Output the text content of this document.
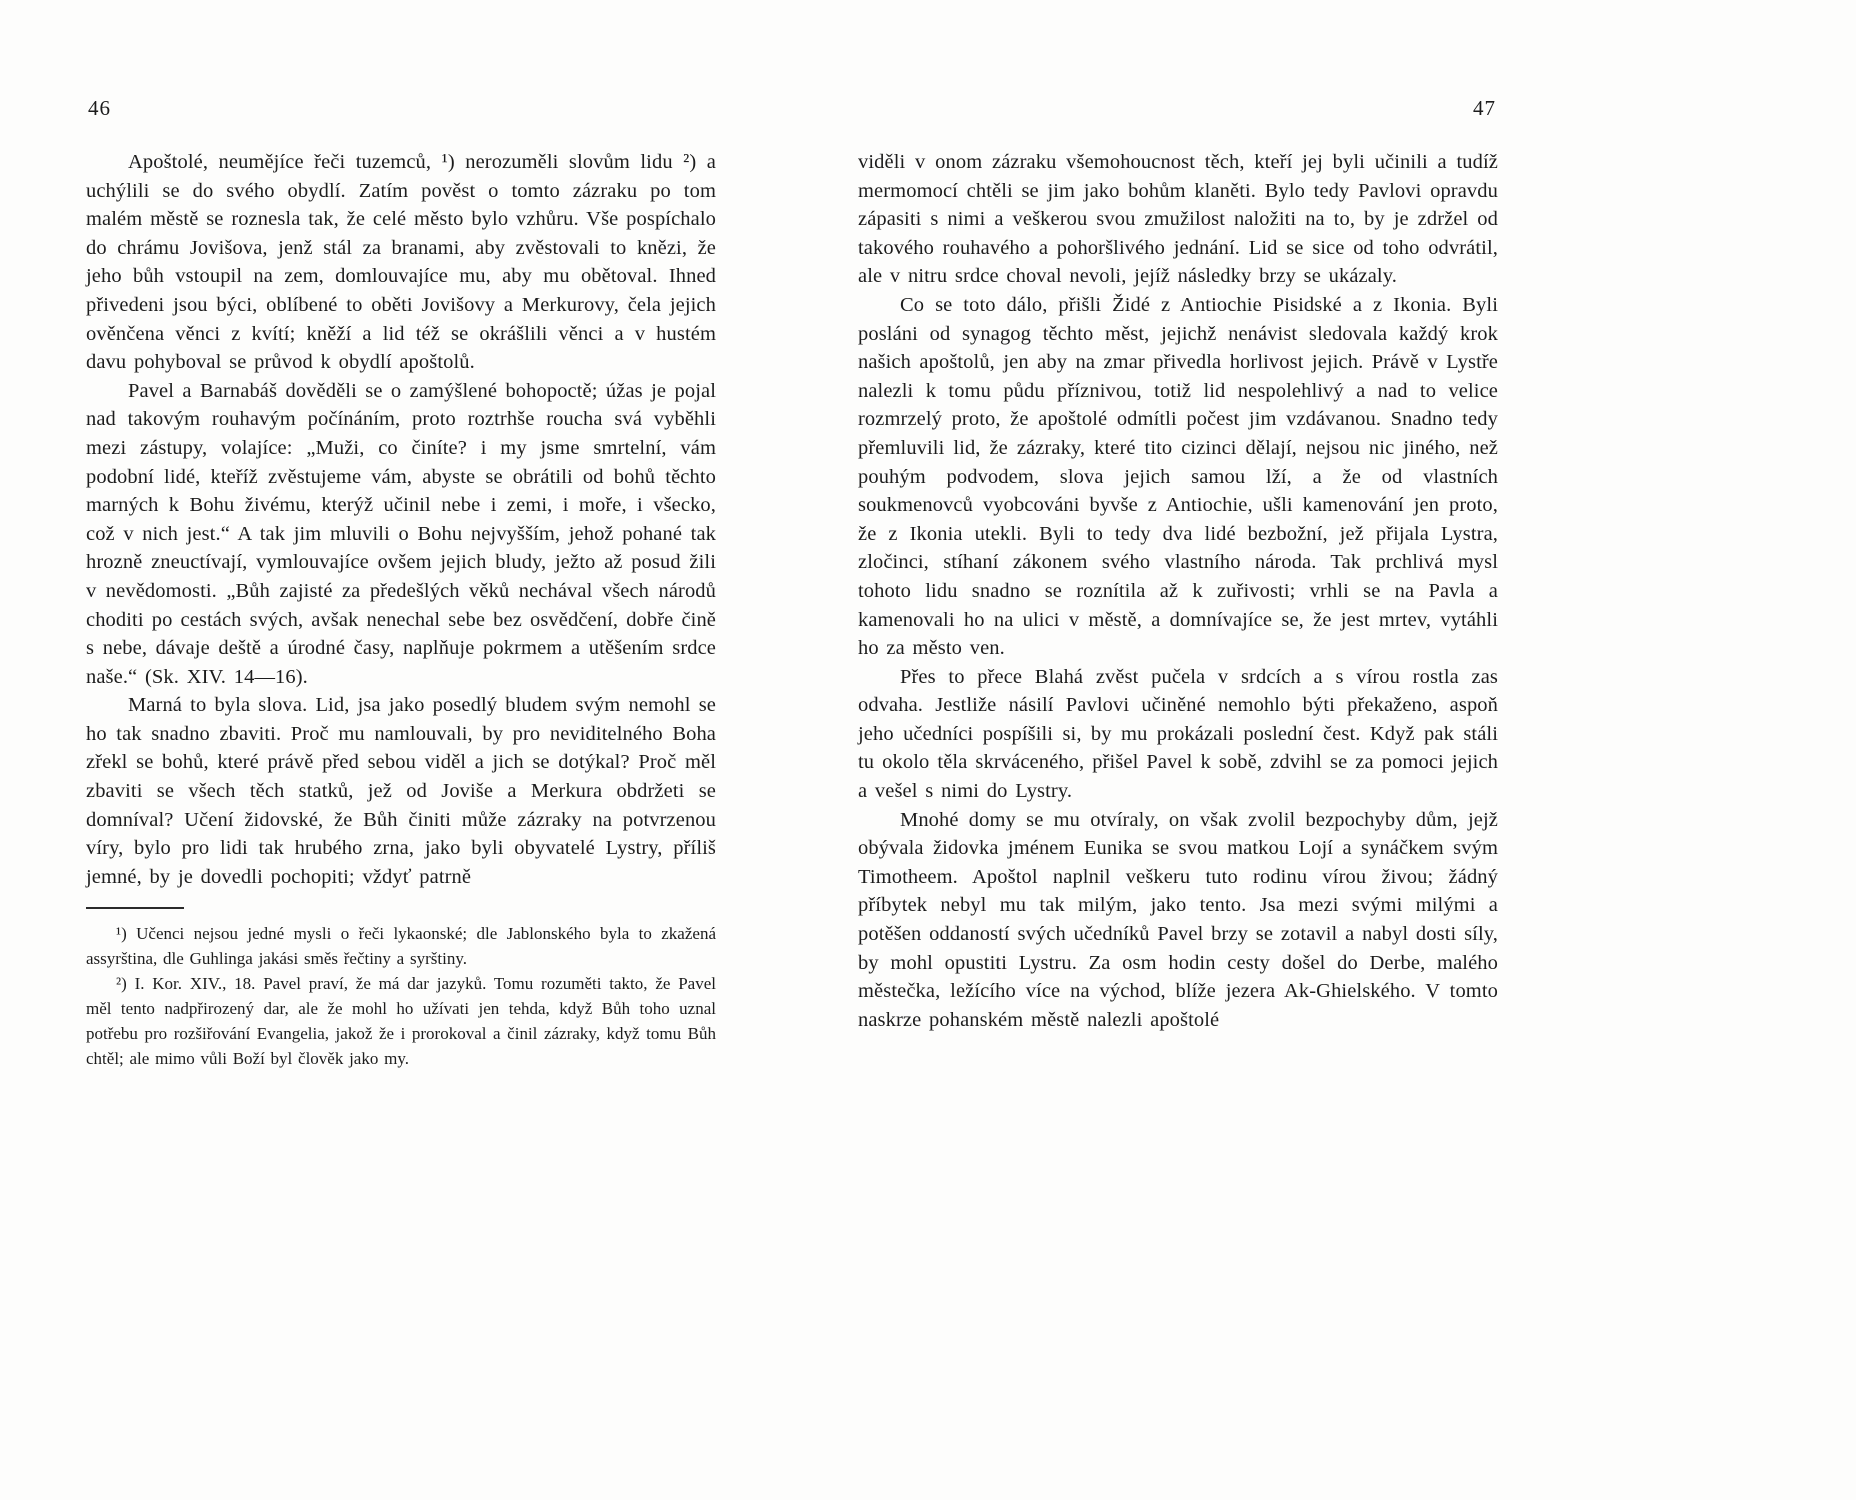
46

Apoštolé, neumějíce řeči tuzemců, ¹) nerozuměli slovům lidu ²) a uchýlili se do svého obydlí. Zatím pověst o tomto zázraku po tom malém městě se roznesla tak, že celé město bylo vzhůru. Vše pospíchalo do chrámu Jovišova, jenž stál za branami, aby zvěstovali to knězi, že jeho bůh vstoupil na zem, domlouvajíce mu, aby mu obětoval. Ihned přivedeni jsou býci, oblíbené to oběti Jovišovy a Merkurovy, čela jejich ověnčena věnci z kvítí; kněží a lid též se okrášlili věnci a v hustém davu pohyboval se průvod k obydlí apoštolů.

Pavel a Barnabáš dověděli se o zamýšlené bohopoctě; úžas je pojal nad takovým rouhavým počínáním, proto roztrhše roucha svá vyběhli mezi zástupy, volajíce: „Muži, co činíte? i my jsme smrtelní, vám podobní lidé, kteříž zvěstujeme vám, abyste se obrátili od bohů těchto marných k Bohu živému, kterýž učinil nebe i zemi, i moře, i všecko, což v nich jest.“ A tak jim mluvili o Bohu nejvyšším, jehož pohané tak hrozně zneuctívají, vymlouvajíce ovšem jejich bludy, ježto až posud žili v nevědomosti. „Bůh zajisté za předešlých věků nechával všech národů choditi po cestách svých, avšak nenechal sebe bez osvědčení, dobře čině s nebe, dávaje deště a úrodné časy, naplňuje pokrmem a utěšením srdce naše.“ (Sk. XIV. 14—16).

Marná to byla slova. Lid, jsa jako posedlý bludem svým nemohl se ho tak snadno zbaviti. Proč mu namlouvali, by pro neviditelného Boha zřekl se bohů, které právě před sebou viděl a jich se dotýkal? Proč měl zbaviti se všech těch statků, jež od Joviše a Merkura obdržeti se domníval? Učení židovské, že Bůh činiti může zázraky na potvrzenou víry, bylo pro lidi tak hrubého zrna, jako byli obyvatelé Lystry, příliš jemné, by je dovedli pochopiti; vždyť patrně

¹) Učenci nejsou jedné mysli o řeči lykaonské; dle Jablonského byla to zkažená assyrština, dle Guhlinga jakási směs řečtiny a syrštiny.

²) I. Kor. XIV., 18. Pavel praví, že má dar jazyků. Tomu rozuměti takto, že Pavel měl tento nadpřirozený dar, ale že mohl ho užívati jen tehda, když Bůh toho uznal potřebu pro rozšiřování Evangelia, jakož že i prorokoval a činil zázraky, když tomu Bůh chtěl; ale mimo vůli Boží byl člověk jako my.

47

viděli v onom zázraku všemohoucnost těch, kteří jej byli učinili a tudíž mermomocí chtěli se jim jako bohům klaněti. Bylo tedy Pavlovi opravdu zápasiti s nimi a veškerou svou zmužilost naložiti na to, by je zdržel od takového rouhavého a pohoršlivého jednání. Lid se sice od toho odvrátil, ale v nitru srdce choval nevoli, jejíž následky brzy se ukázaly.

Co se toto dálo, přišli Židé z Antiochie Pisidské a z Ikonia. Byli posláni od synagog těchto měst, jejichž nenávist sledovala každý krok našich apoštolů, jen aby na zmar přivedla horlivost jejich. Právě v Lystře nalezli k tomu půdu příznivou, totiž lid nespolehlivý a nad to velice rozmrzelý proto, že apoštolé odmítli počest jim vzdávanou. Snadno tedy přemluvili lid, že zázraky, které tito cizinci dělají, nejsou nic jiného, než pouhým podvodem, slova jejich samou lží, a že od vlastních soukmenovců vyobcováni byvše z Antiochie, ušli kamenování jen proto, že z Ikonia utekli. Byli to tedy dva lidé bezbožní, jež přijala Lystra, zločinci, stíhaní zákonem svého vlastního národa. Tak prchlivá mysl tohoto lidu snadno se roznítila až k zuřivosti; vrhli se na Pavla a kamenovali ho na ulici v městě, a domnívajíce se, že jest mrtev, vytáhli ho za město ven.

Přes to přece Blahá zvěst pučela v srdcích a s vírou rostla zas odvaha. Jestliže násilí Pavlovi učiněné nemohlo býti překaženo, aspoň jeho učedníci pospíšili si, by mu prokázali poslední čest. Když pak stáli tu okolo těla skrváceného, přišel Pavel k sobě, zdvihl se za pomoci jejich a vešel s nimi do Lystry.

Mnohé domy se mu otvíraly, on však zvolil bezpochyby dům, jejž obývala židovka jménem Eunika se svou matkou Lojí a synáčkem svým Timotheem. Apoštol naplnil veškeru tuto rodinu vírou živou; žádný příbytek nebyl mu tak milým, jako tento. Jsa mezi svými milými a potěšen oddaností svých učedníků Pavel brzy se zotavil a nabyl dosti síly, by mohl opustiti Lystru. Za osm hodin cesty došel do Derbe, malého městečka, ležícího více na východ, blíže jezera Ak-Ghielského. V tomto naskrze pohanském městě nalezli apoštolé
